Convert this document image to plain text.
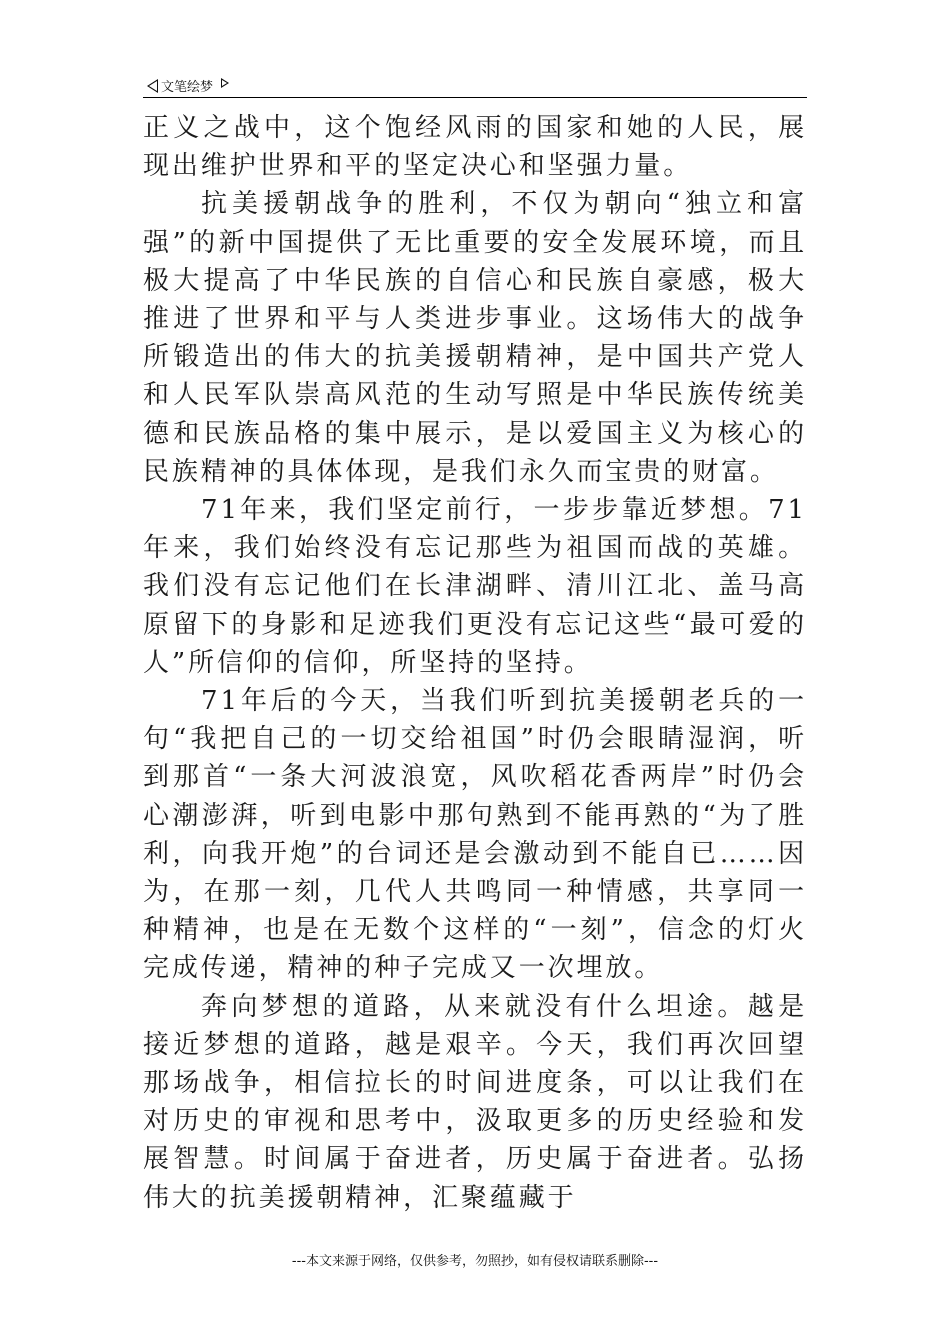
文笔绘梦

正义之战中，这个饱经风雨的国家和她的人民，展现出维护世界和平的坚定决心和坚强力量。

抗美援朝战争的胜利，不仅为朝向“独立和富强”的新中国提供了无比重要的安全发展环境，而且极大提高了中华民族的自信心和民族自豪感，极大推进了世界和平与人类进步事业。这场伟大的战争所锻造出的伟大的抗美援朝精神，是中国共产党人和人民军队崇高风范的生动写照是中华民族传统美德和民族品格的集中展示，是以爱国主义为核心的民族精神的具体体现，是我们永久而宝贵的财富。

71年来，我们坚定前行，一步步靠近梦想。71年来，我们始终没有忘记那些为祖国而战的英雄。我们没有忘记他们在长津湖畔、清川江北、盖马高原留下的身影和足迹我们更没有忘记这些“最可爱的人”所信仰的信仰，所坚持的坚持。

71年后的今天，当我们听到抗美援朝老兵的一句“我把自己的一切交给祖国”时仍会眼睛湿润，听到那首“一条大河波浪宽，风吹稻花香两岸”时仍会心潮澎湃，听到电影中那句熟到不能再熟的“为了胜利，向我开炮”的台词还是会激动到不能自已……因为，在那一刻，几代人共鸣同一种情感，共享同一种精神，也是在无数个这样的“一刻”，信念的灯火完成传递，精神的种子完成又一次埋放。

奔向梦想的道路，从来就没有什么坦途。越是接近梦想的道路，越是艰辛。今天，我们再次回望那场战争，相信拉长的时间进度条，可以让我们在对历史的审视和思考中，汲取更多的历史经验和发展智慧。时间属于奋进者，历史属于奋进者。弘扬伟大的抗美援朝精神，汇聚蕴藏于

---本文来源于网络，仅供参考，勿照抄，如有侵权请联系删除---
